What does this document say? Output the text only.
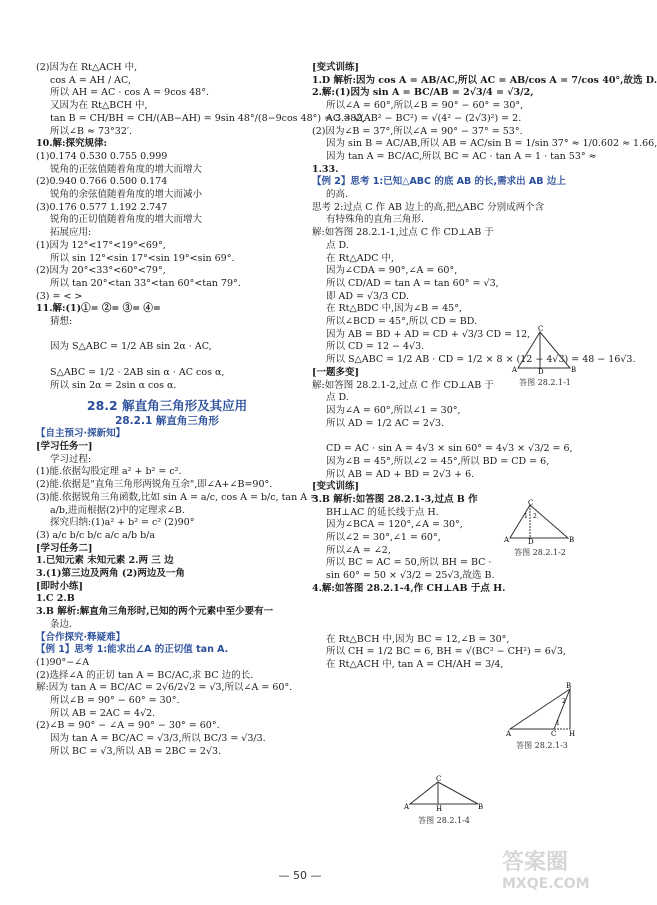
(2)因为在 Rt△ACH 中,
cos A = AH / AC,
所以 AH = AC · cos A = 9cos 48°.
又因为在 Rt△BCH 中,
tan B = CH/BH = CH/(AB−AH) = 9sin 48°/(8−9cos 48°) ≈ 3.382,
所以∠B ≈ 73°32′.
10.解:探究规律:
(1)0.174 0.530 0.755 0.999
锐角的正弦值随着角度的增大而增大
(2)0.940 0.766 0.500 0.174
锐角的余弦值随着角度的增大而减小
(3)0.176 0.577 1.192 2.747
锐角的正切值随着角度的增大而增大
拓展应用:
(1)因为 12°<17°<19°<69°,
所以 sin 12°<sin 17°<sin 19°<sin 69°.
(2)因为 20°<33°<60°<79°,
所以 tan 20°<tan 33°<tan 60°<tan 79°.
(3) = < >
11.解:(1)①= ②= ③= ④=
猜想:

因为 S△ABC = 1/2 AB sin 2α · AC,

S△ABC = 1/2 · 2AB sin α · AC cos α,
所以 sin 2α = 2sin α cos α.
28.2 解直角三角形及其应用
28.2.1 解直角三角形
【自主预习·探新知】
[学习任务一]
学习过程:
(1)能.依据勾股定理 a² + b² = c².
(2)能.依据是"直角三角形两锐角互余",即∠A+∠B=90°.
(3)能.依据锐角三角函数,比如 sin A = a/c, cos A = b/c, tan A =
a/b,进而根据(2)中的定理求∠B.
探究归纳:(1)a² + b² = c² (2)90°
(3) a/c b/c b/c a/c a/b b/a
[学习任务二]
1.已知元素 未知元素 2.两 三 边
3.(1)第三边及两角 (2)两边及一角
[即时小练]
1.C 2.B
3.B 解析:解直角三角形时,已知的两个元素中至少要有一
条边.
【合作探究·释疑难】
【例 1】思考 1:能求出∠A 的正切值 tan A.
(1)90°−∠A
(2)选择∠A 的正切 tan A = BC/AC,求 BC 边的长.
解:因为 tan A = BC/AC = 2√6/2√2 = √3,所以∠A = 60°.
所以∠B = 90° − 60° = 30°.
所以 AB = 2AC = 4√2.
(2)∠B = 90° − ∠A = 90° − 30° = 60°.
因为 tan A = BC/AC = √3/3,所以 BC/3 = √3/3.
所以 BC = √3,所以 AB = 2BC = 2√3.
[变式训练]
1.D 解析:因为 cos A = AB/AC,所以 AC = AB/cos A = 7/cos 40°,故选 D.
2.解:(1)因为 sin A = BC/AB = 2√3/4 = √3/2,
所以∠A = 60°,所以∠B = 90° − 60° = 30°,
AC = √(AB² − BC²) = √(4² − (2√3)²) = 2.
(2)因为∠B = 37°,所以∠A = 90° − 37° = 53°.
因为 sin B = AC/AB,所以 AB = AC/sin B = 1/sin 37° ≈ 1/0.602 ≈ 1.66,
因为 tan A = BC/AC,所以 BC = AC · tan A = 1 · tan 53° ≈
1.33.
【例 2】思考 1:已知△ABC 的底 AB 的长,需求出 AB 边上
的高.
思考 2:过点 C 作 AB 边上的高,把△ABC 分别成两个含
有特殊角的直角三角形.
解:如答图 28.2.1-1,过点 C 作 CD⊥AB 于
点 D.
在 Rt△ADC 中,
因为∠CDA = 90°,∠A = 60°,
所以 CD/AD = tan A = tan 60° = √3,
即 AD = √3/3 CD.
在 Rt△BDC 中,因为∠B = 45°,
所以∠BCD = 45°,所以 CD = BD.
因为 AB = BD + AD = CD + √3/3 CD = 12,
所以 CD = 12 − 4√3.
所以 S△ABC = 1/2 AB · CD = 1/2 × 8 × (12 − 4√3) = 48 − 16√3.
[一题多变]
解:如答图 28.2.1-2,过点 C 作 CD⊥AB 于
点 D.
因为∠A = 60°,所以∠1 = 30°,
所以 AD = 1/2 AC = 2√3.

CD = AC · sin A = 4√3 × sin 60° = 4√3 × √3/2 = 6,
因为∠B = 45°,所以∠2 = 45°,所以 BD = CD = 6,
所以 AB = AD + BD = 2√3 + 6.
[变式训练]
3.B 解析:如答图 28.2.1-3,过点 B 作
BH⊥AC 的延长线于点 H.
因为∠BCA = 120°,∠A = 30°,
所以∠2 = 30°,∠1 = 60°,
所以∠A = ∠2,
所以 BC = AC = 50,所以 BH = BC ·
sin 60° = 50 × √3/2 = 25√3,故选 B.
4.解:如答图 28.2.1-4,作 CH⊥AB 于点 H.

在 Rt△BCH 中,因为 BC = 12,∠B = 30°,
所以 CH = 1/2 BC = 6, BH = √(BC² − CH²) = 6√3,
在 Rt△ACH 中, tan A = CH/AH = 3/4,
C
A	D	B
答图 28.2.1-1
C
1 2
A	D	B
答图 28.2.1-2
B
2
1
A	C H
答图 28.2.1-3
C
A	H	B
答图 28.2.1-4
— 50 —
答案圈
MXQE.COM
